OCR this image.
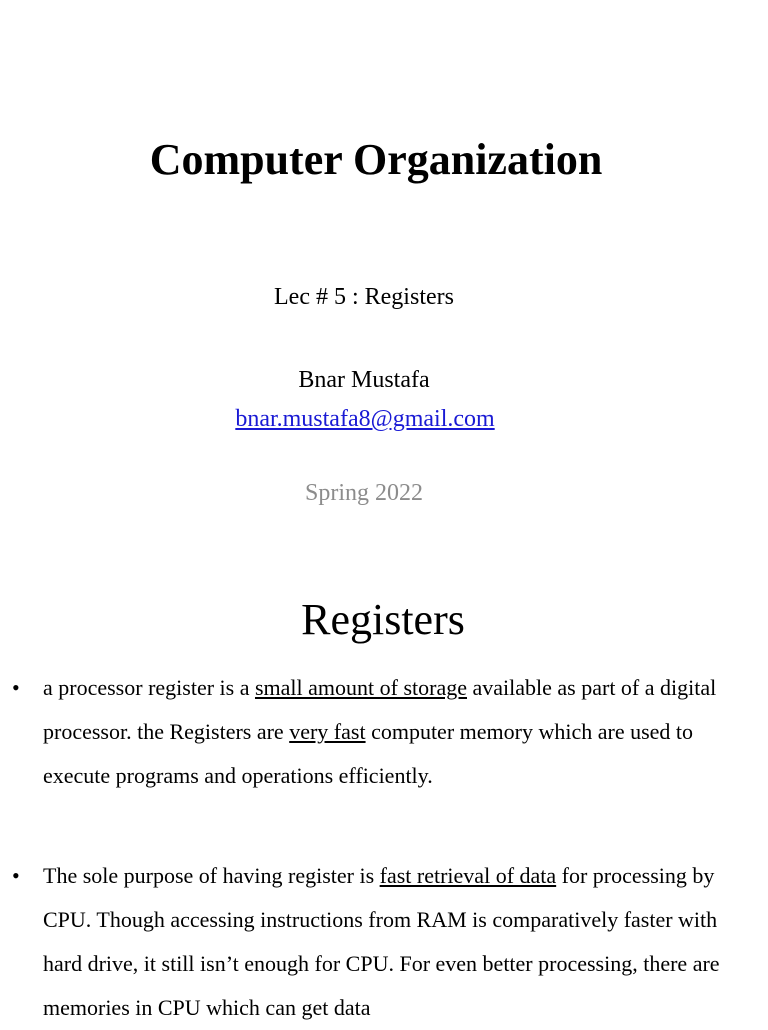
Computer Organization
Lec # 5 : Registers
Bnar Mustafa
bnar.mustafa8@gmail.com
Spring 2022
Registers
• a processor register is a small amount of storage available as part of a digital processor. the Registers are very fast computer memory which are used to execute programs and operations efficiently.
• The sole purpose of having register is fast retrieval of data for processing by CPU. Though accessing instructions from RAM is comparatively faster with hard drive, it still isn’t enough for CPU. For even better processing, there are memories in CPU which can get data
